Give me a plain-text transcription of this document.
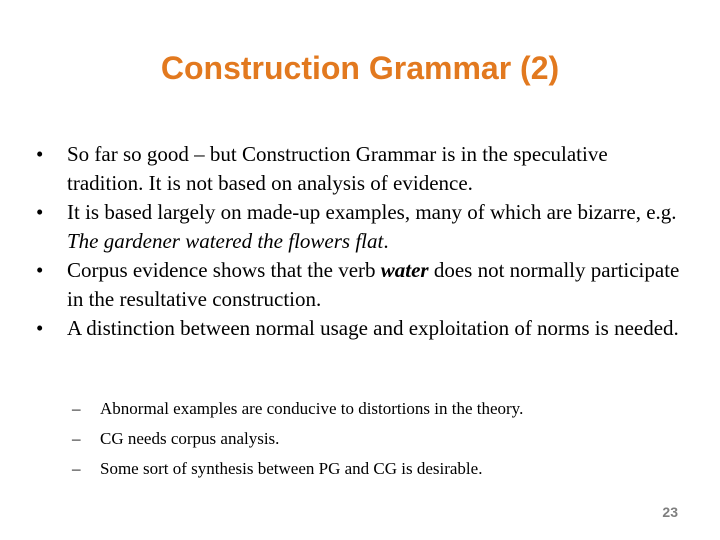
Construction Grammar (2)
•	So far so good – but Construction Grammar is in the speculative tradition. It is not based on analysis of evidence.
•	It is based largely on made-up examples, many of which are bizarre, e.g. The gardener watered the flowers flat.
•	Corpus evidence shows that the verb water does not normally participate in the resultative construction.
•	A distinction between normal usage and exploitation of norms is needed.
– Abnormal examples are conducive to distortions in the theory.
– CG needs corpus analysis.
– Some sort of synthesis between PG and CG is desirable.
23
